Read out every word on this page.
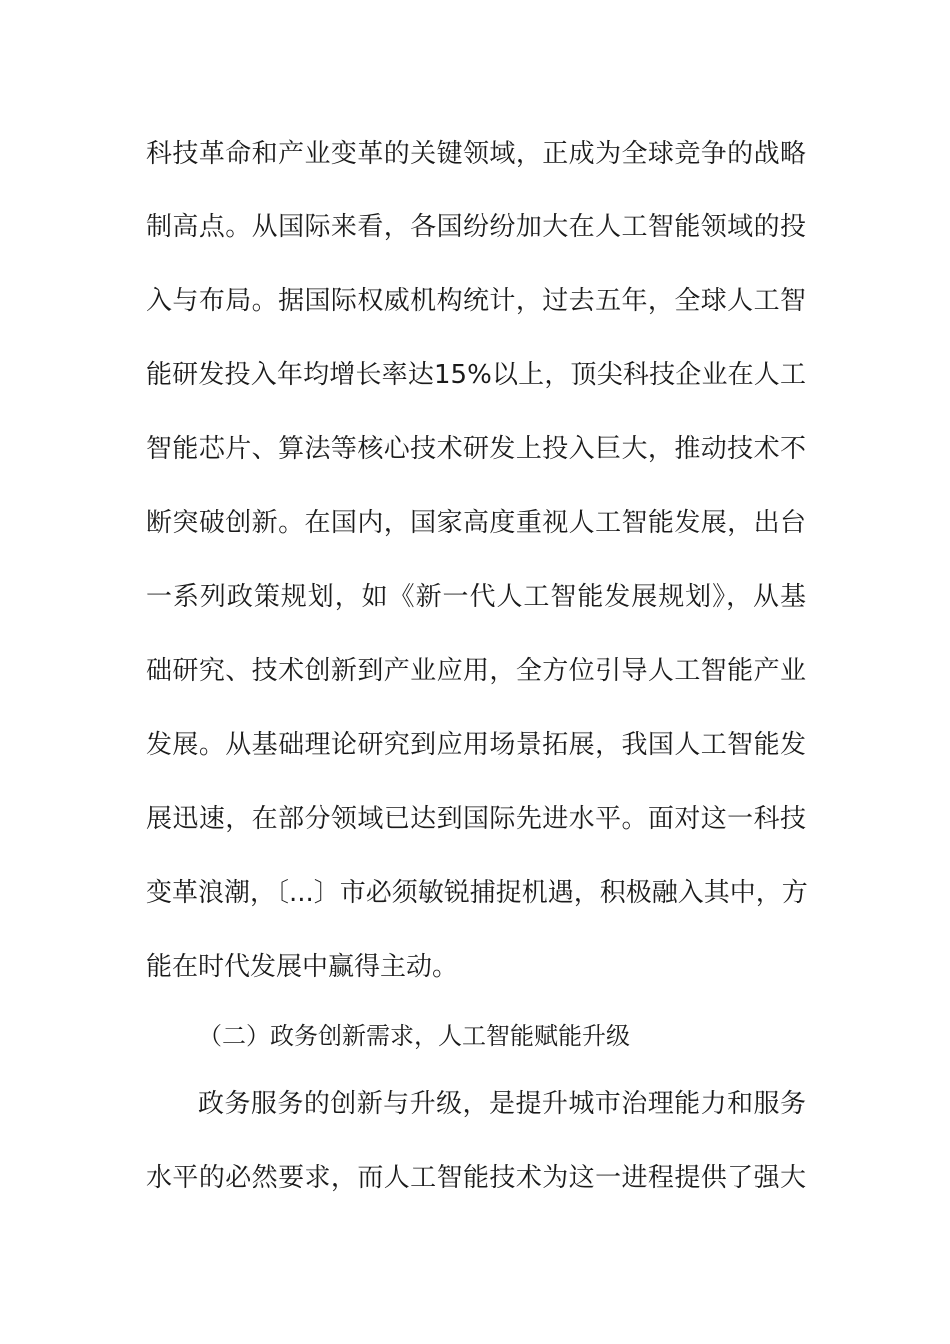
科技革命和产业变革的关键领域，正成为全球竞争的战略
制高点。从国际来看，各国纷纷加大在人工智能领域的投
入与布局。据国际权威机构统计，过去五年，全球人工智
能研发投入年均增长率达15%以上，顶尖科技企业在人工
智能芯片、算法等核心技术研发上投入巨大，推动技术不
断突破创新。在国内，国家高度重视人工智能发展，出台
一系列政策规划，如《新一代人工智能发展规划》，从基
础研究、技术创新到产业应用，全方位引导人工智能产业
发展。从基础理论研究到应用场景拓展，我国人工智能发
展迅速，在部分领域已达到国际先进水平。面对这一科技
变革浪潮，〔...〕市必须敏锐捕捉机遇，积极融入其中，方
能在时代发展中赢得主动。
（二）政务创新需求，人工智能赋能升级
政务服务的创新与升级，是提升城市治理能力和服务
水平的必然要求，而人工智能技术为这一进程提供了强大
